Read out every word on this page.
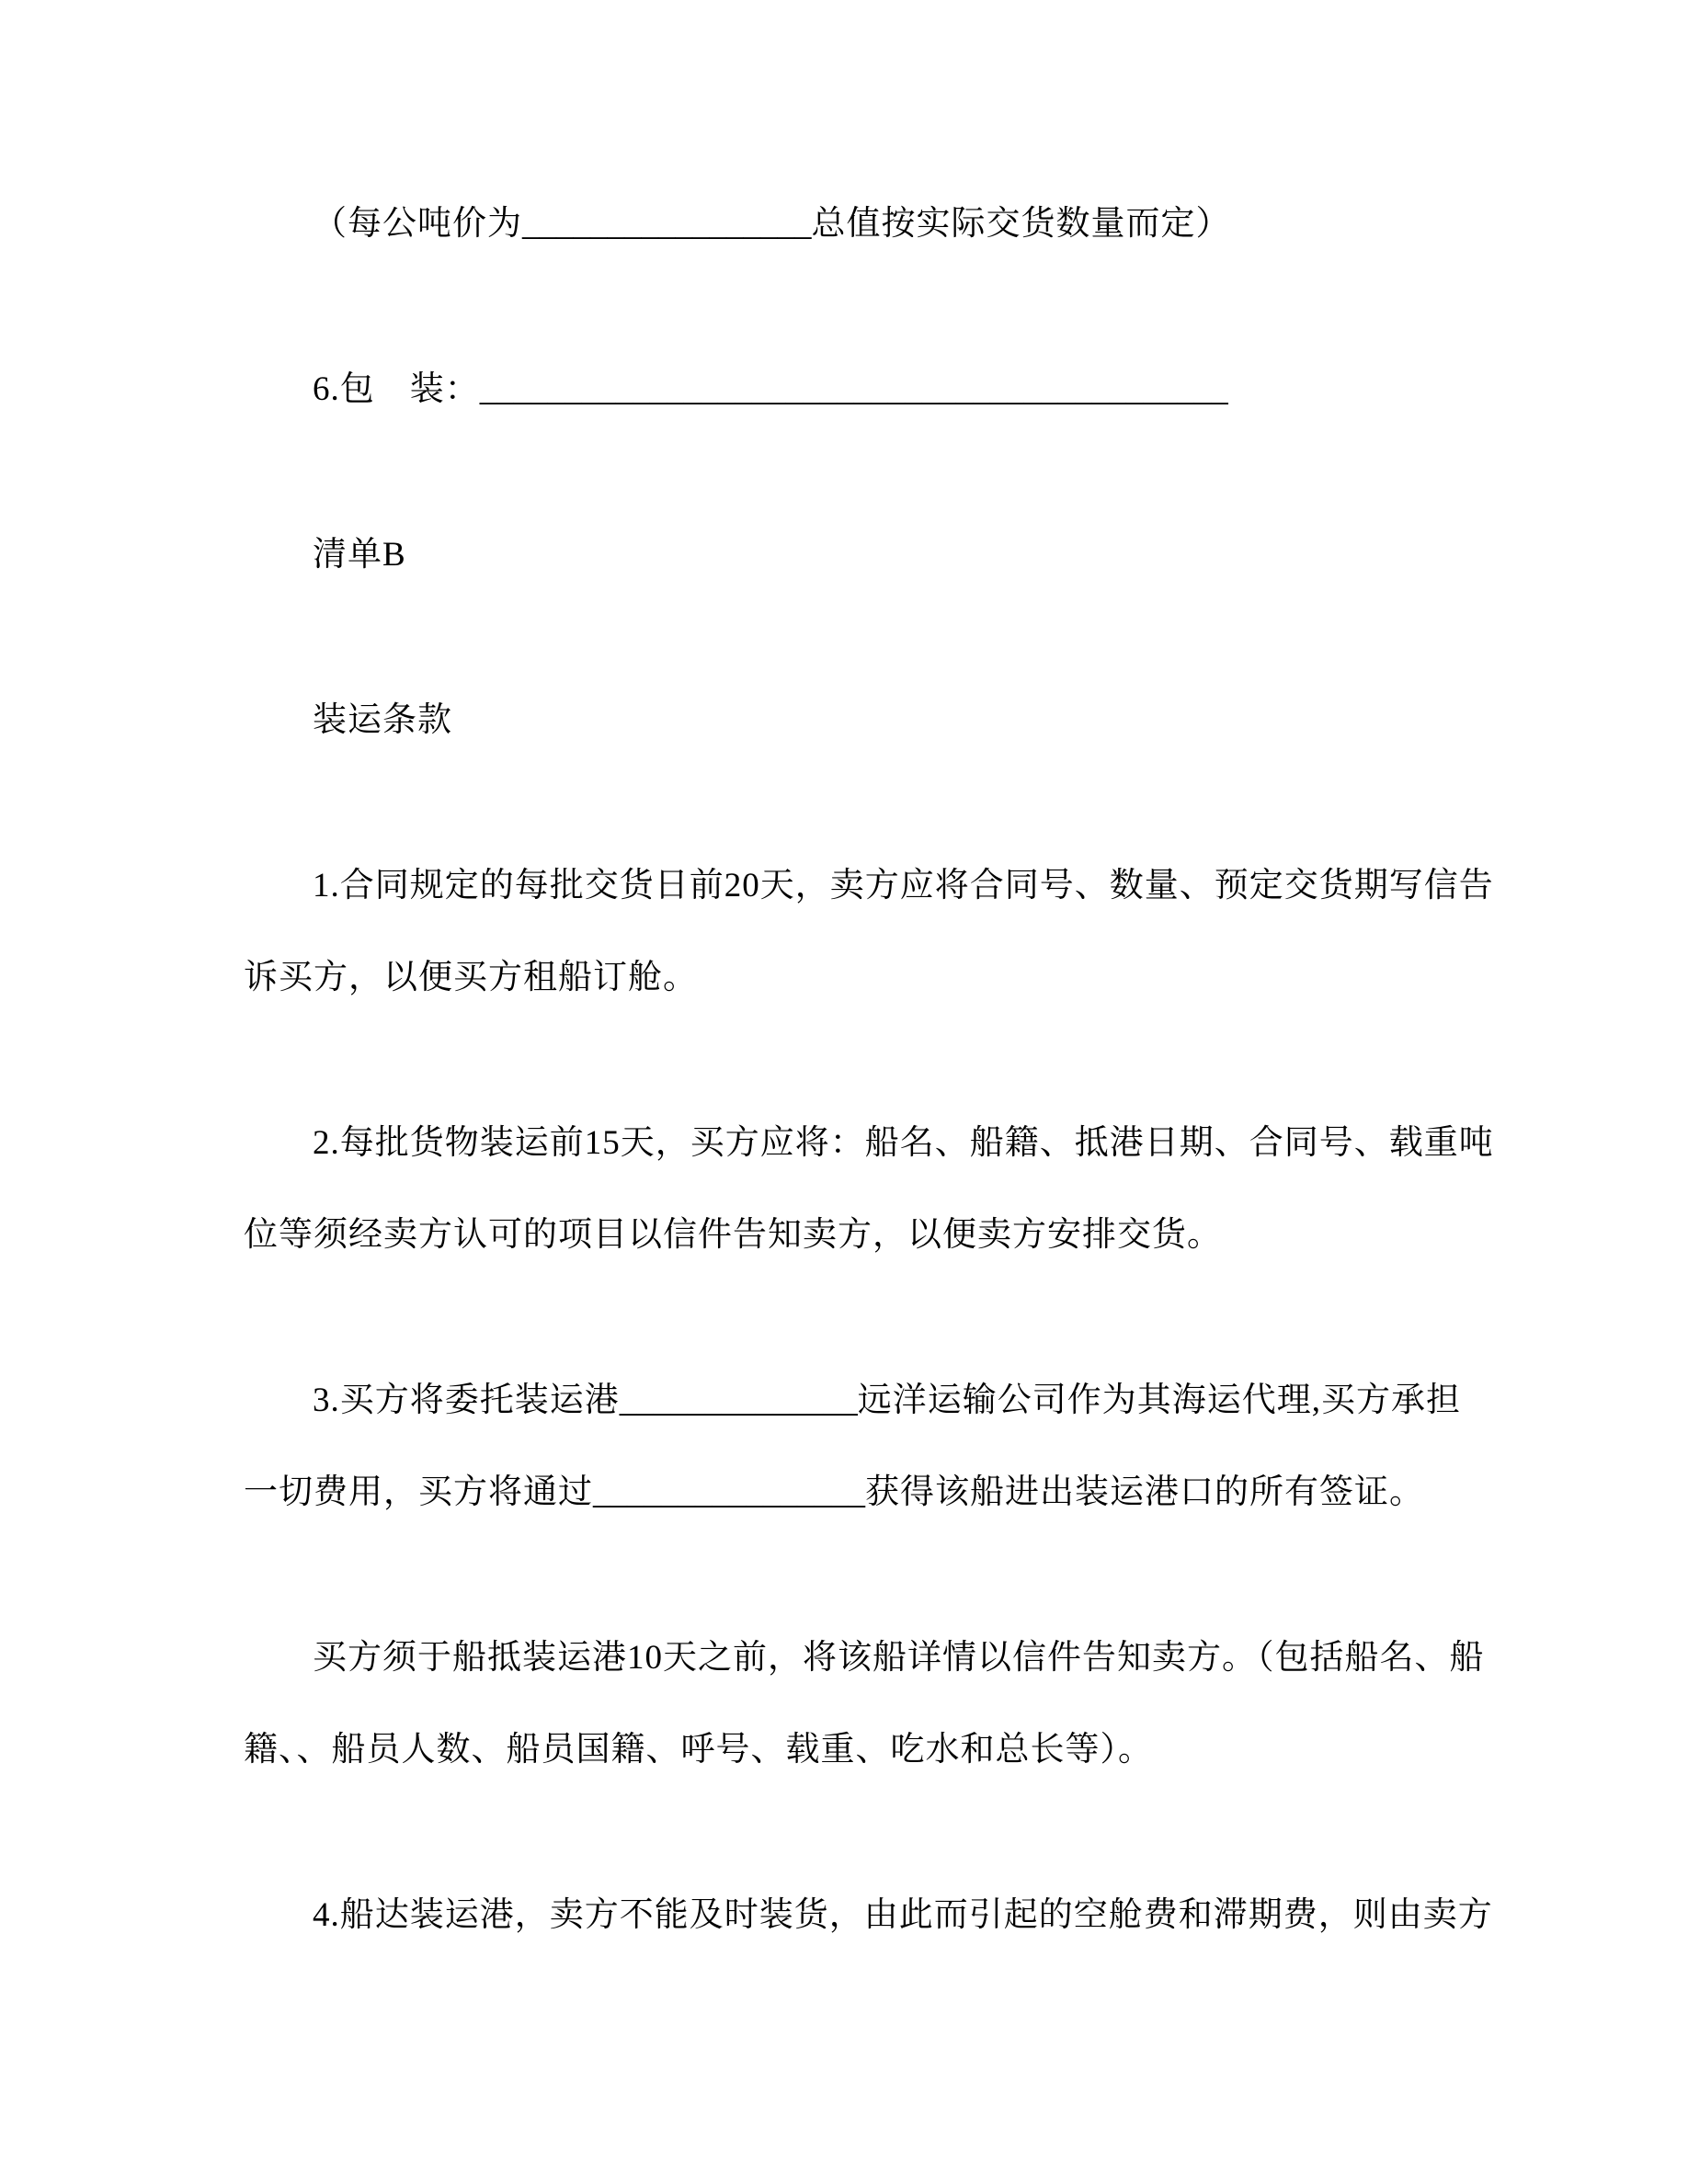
（每公吨价为_________________总值按实际交货数量而定）
6.包　装：____________________________________________
清单B
装运条款
1.合同规定的每批交货日前20天，卖方应将合同号、数量、预定交货期写信告
诉买方，以便买方租船订舱。
2.每批货物装运前15天，买方应将：船名、船籍、抵港日期、合同号、载重吨
位等须经卖方认可的项目以信件告知卖方，以便卖方安排交货。
3.买方将委托装运港______________远洋运输公司作为其海运代理,买方承担
一切费用，买方将通过________________获得该船进出装运港口的所有签证。
买方须于船抵装运港10天之前，将该船详情以信件告知卖方。（包括船名、船
籍、、船员人数、船员国籍、呼号、载重、吃水和总长等）。
4.船达装运港，卖方不能及时装货，由此而引起的空舱费和滞期费，则由卖方
